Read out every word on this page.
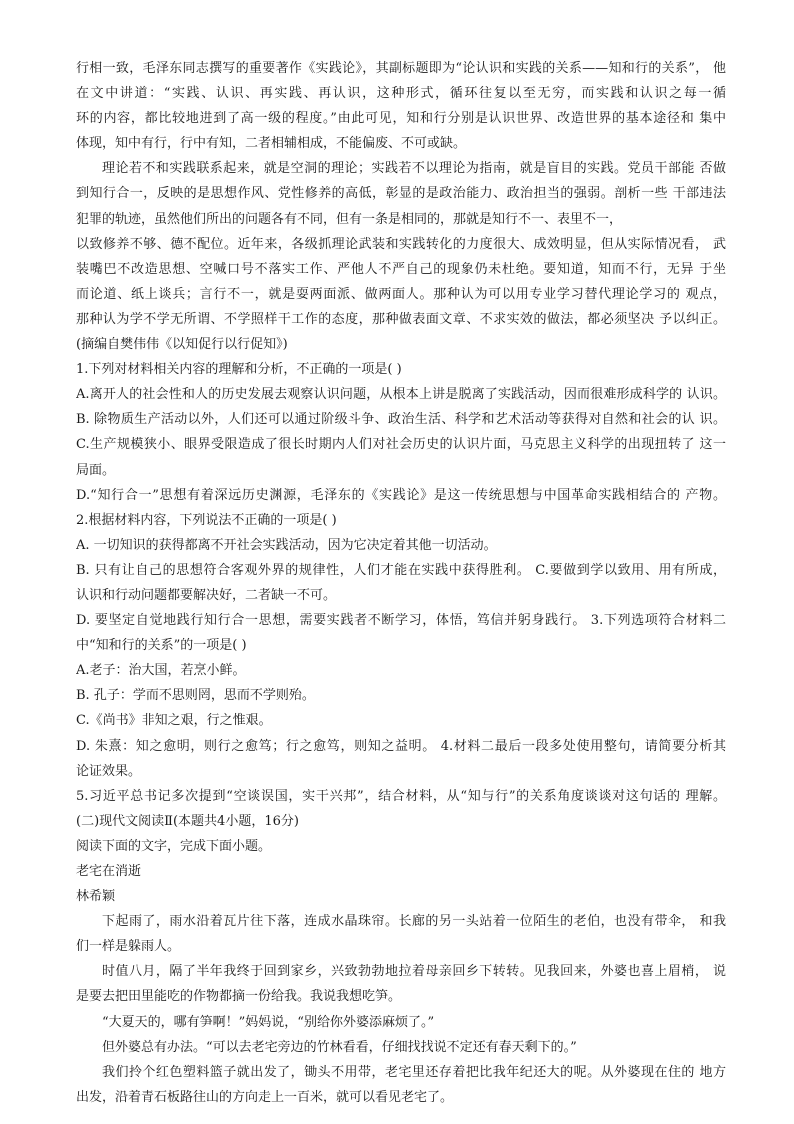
行相一致，毛泽东同志撰写的重要著作《实践论》，其副标题即为“论认识和实践的关系——知和行的关系”， 他
在文中讲道：“实践、认识、再实践、再认识，这种形式，循环往复以至无穷，而实践和认识之每一循
环的内容，都比较地进到了高一级的程度。”由此可见，知和行分别是认识世界、改造世界的基本途径和 集中
体现，知中有行，行中有知，二者相辅相成，不能偏废、不可或缺。
理论若不和实践联系起来，就是空洞的理论；实践若不以理论为指南，就是盲目的实践。党员干部能 否做
到知行合一，反映的是思想作风、党性修养的高低，彰显的是政治能力、政治担当的强弱。剖析一些 干部违法
犯罪的轨迹，虽然他们所出的问题各有不同，但有一条是相同的，那就是知行不一、表里不一，
以致修养不够、德不配位。近年来，各级抓理论武装和实践转化的力度很大、成效明显，但从实际情况看， 武
装嘴巴不改造思想、空喊口号不落实工作、严他人不严自己的现象仍未杜绝。要知道，知而不行，无异 于坐
而论道、纸上谈兵；言行不一，就是耍两面派、做两面人。那种认为可以用专业学习替代理论学习的 观点，
那种认为学不学无所谓、不学照样干工作的态度，那种做表面文章、不求实效的做法，都必须坚决 予以纠正。
(摘编自樊伟伟《以知促行以行促知》)
1.下列对材料相关内容的理解和分析，不正确的一项是( )
A.离开人的社会性和人的历史发展去观察认识问题，从根本上讲是脱离了实践活动，因而很难形成科学的 认识。
B. 除物质生产活动以外，人们还可以通过阶级斗争、政治生活、科学和艺术活动等获得对自然和社会的认 识。
C.生产规模狭小、眼界受限造成了很长时期内人们对社会历史的认识片面，马克思主义科学的出现扭转了 这一
局面。
D.“知行合一”思想有着深远历史渊源，毛泽东的《实践论》是这一传统思想与中国革命实践相结合的 产物。
2.根据材料内容，下列说法不正确的一项是( )
A. 一切知识的获得都离不开社会实践活动，因为它决定着其他一切活动。
B. 只有让自己的思想符合客观外界的规律性，人们才能在实践中获得胜利。 C.要做到学以致用、用有所成，
认识和行动问题都要解决好，二者缺一不可。
D. 要坚定自觉地践行知行合一思想，需要实践者不断学习，体悟，笃信并躬身践行。 3.下列选项符合材料二
中“知和行的关系”的一项是( )
A.老子：治大国，若烹小鲜。
B. 孔子：学而不思则罔，思而不学则殆。
C.《尚书》非知之艰，行之惟艰。
D. 朱熹：知之愈明，则行之愈笃；行之愈笃，则知之益明。 4.材料二最后一段多处使用整句，请简要分析其
论证效果。
5.习近平总书记多次提到“空谈误国，实干兴邦”，结合材料，从“知与行”的关系角度谈谈对这句话的 理解。
(二)现代文阅读Ⅱ(本题共4小题，16分)
阅读下面的文字，完成下面小题。
老宅在消逝
林希颖
下起雨了，雨水沿着瓦片往下落，连成水晶珠帘。长廊的另一头站着一位陌生的老伯，也没有带伞， 和我
们一样是躲雨人。
时值八月，隔了半年我终于回到家乡，兴致勃勃地拉着母亲回乡下转转。见我回来，外婆也喜上眉梢， 说
是要去把田里能吃的作物都摘一份给我。我说我想吃笋。
“大夏天的，哪有笋啊！”妈妈说，“别给你外婆添麻烦了。”
但外婆总有办法。“可以去老宅旁边的竹林看看，仔细找找说不定还有春天剩下的。”
我们拎个红色塑料篮子就出发了，锄头不用带，老宅里还存着把比我年纪还大的呢。从外婆现在住的 地方
出发，沿着青石板路往山的方向走上一百米，就可以看见老宅了。
